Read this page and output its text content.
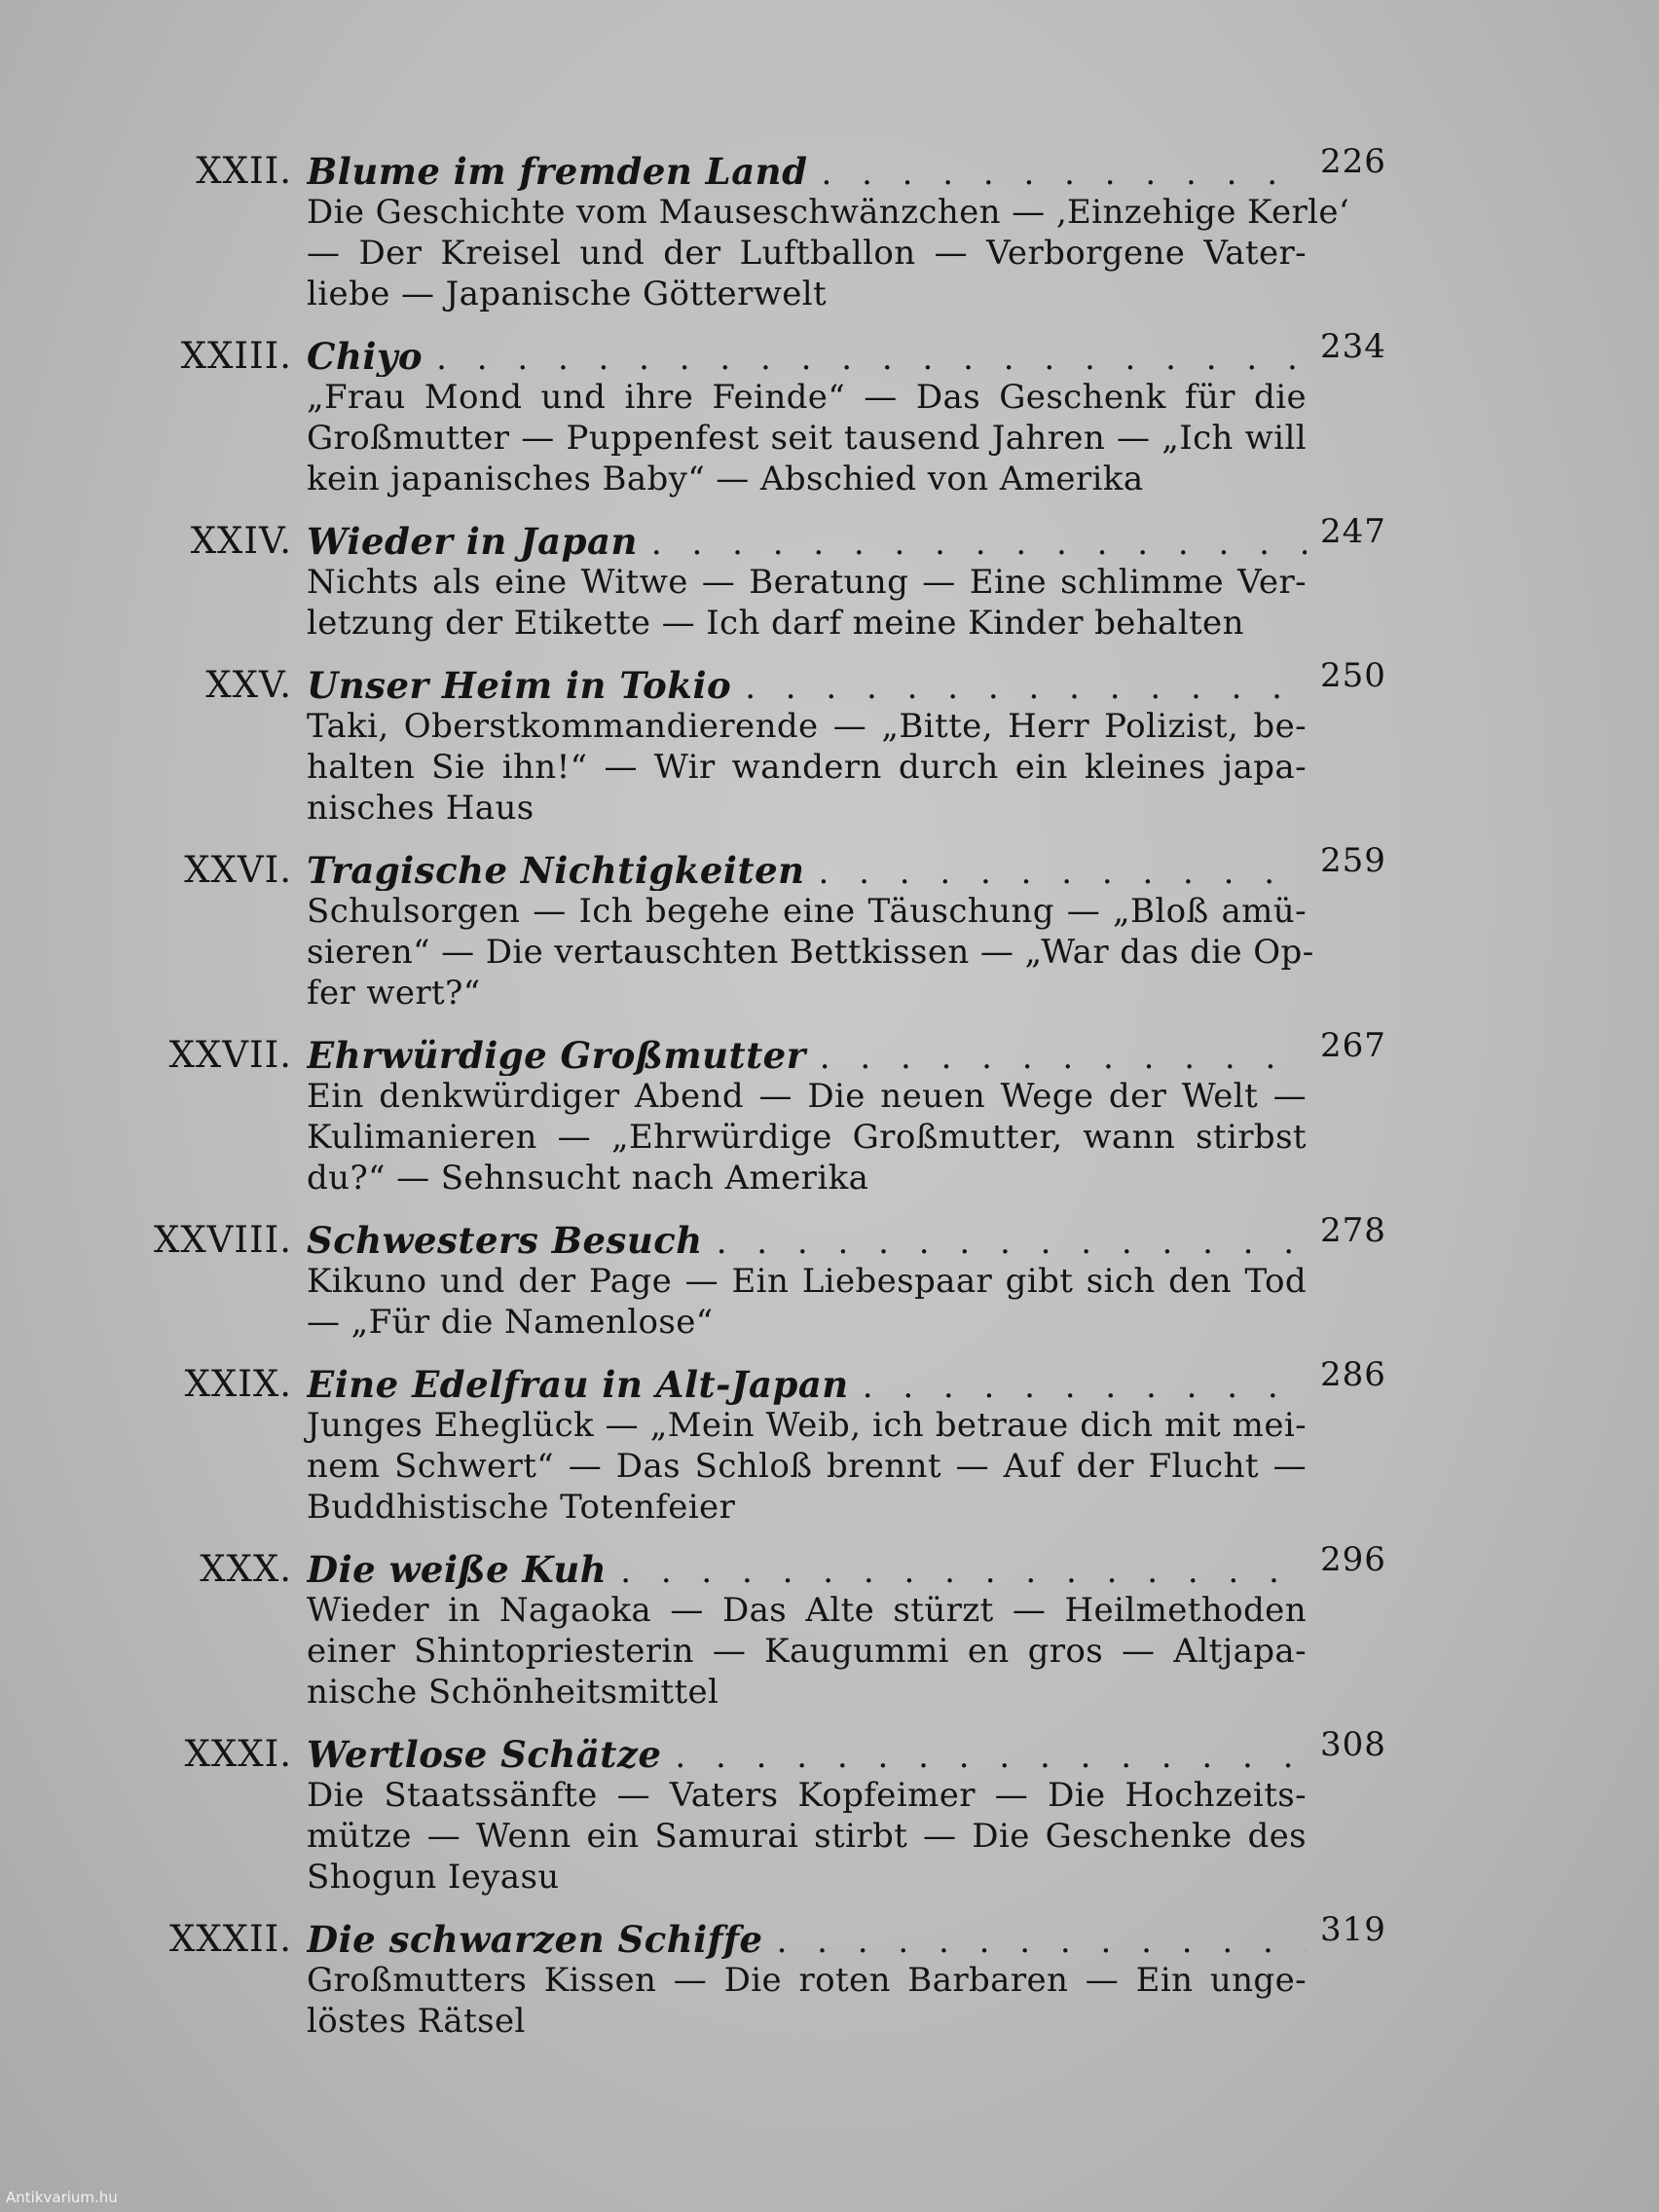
XXII. Blume im fremden Land . . .	226
Die Geschichte vom Mauseschwänzchen — ‚Einzehige Kerle‘
— Der Kreisel und der Luftballon — Verborgene Vater-
liebe — Japanische Götterwelt
XXIII. Chiyo . . .	234
„Frau Mond und ihre Feinde“ — Das Geschenk für die
Großmutter — Puppenfest seit tausend Jahren — „Ich will
kein japanisches Baby“ — Abschied von Amerika
XXIV. Wieder in Japan . . .	247
Nichts als eine Witwe — Beratung — Eine schlimme Ver-
letzung der Etikette — Ich darf meine Kinder behalten
XXV. Unser Heim in Tokio . . .	250
Taki, Oberstkommandierende — „Bitte, Herr Polizist, be-
halten Sie ihn!“ — Wir wandern durch ein kleines japa-
nisches Haus
XXVI. Tragische Nichtigkeiten . . .	259
Schulsorgen — Ich begehe eine Täuschung — „Bloß amü-
sieren“ — Die vertauschten Bettkissen — „War das die Op-
fer wert?“
XXVII. Ehrwürdige Großmutter . . .	267
Ein denkwürdiger Abend — Die neuen Wege der Welt —
Kulimanieren — „Ehrwürdige Großmutter, wann stirbst
du?“ — Sehnsucht nach Amerika
XXVIII. Schwesters Besuch . . .	278
Kikuno und der Page — Ein Liebespaar gibt sich den Tod
— „Für die Namenlose“
XXIX. Eine Edelfrau in Alt-Japan . . .	286
Junges Eheglück — „Mein Weib, ich betraue dich mit mei-
nem Schwert“ — Das Schloß brennt — Auf der Flucht —
Buddhistische Totenfeier
XXX. Die weiße Kuh . . .	296
Wieder in Nagaoka — Das Alte stürzt — Heilmethoden
einer Shintopriesterin — Kaugummi en gros — Altjapa-
nische Schönheitsmittel
XXXI. Wertlose Schätze . . .	308
Die Staatssänfte — Vaters Kopfeimer — Die Hochzeits-
mütze — Wenn ein Samurai stirbt — Die Geschenke des
Shogun Ieyasu
XXXII. Die schwarzen Schiffe . . .	319
Großmutters Kissen — Die roten Barbaren — Ein unge-
löstes Rätsel
Antikvarium.hu
